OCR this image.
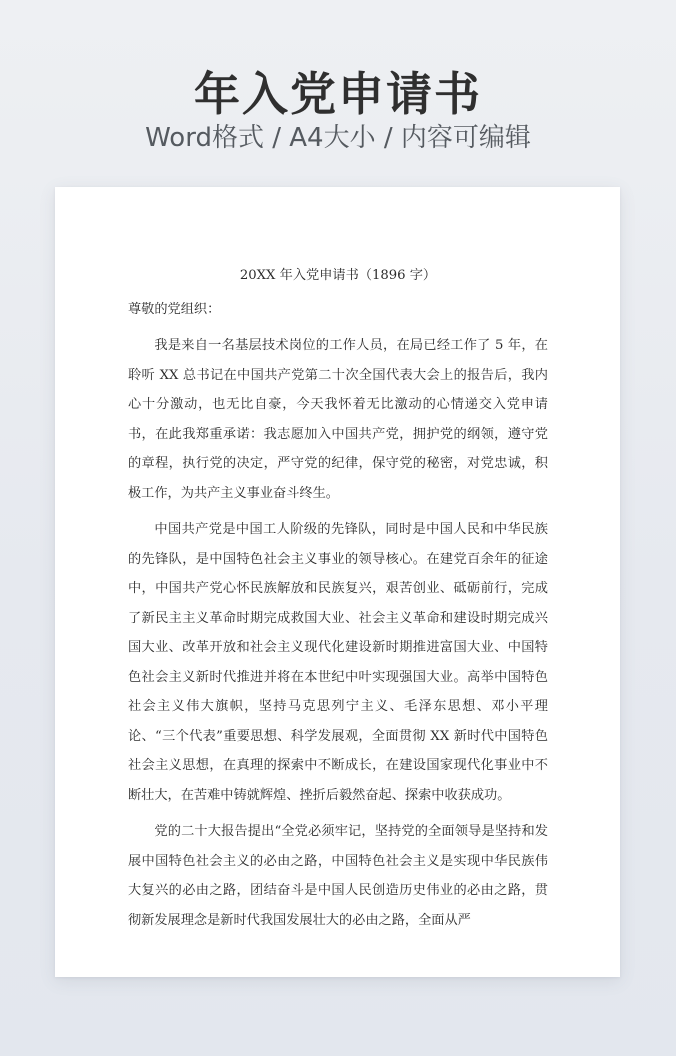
年入党申请书
Word格式 / A4大小 / 内容可编辑

20XX 年入党申请书（1896 字）

尊敬的党组织：

我是来自一名基层技术岗位的工作人员，在局已经工作了 5 年，在聆听 XX 总书记在中国共产党第二十次全国代表大会上的报告后，我内心十分激动，也无比自豪，今天我怀着无比激动的心情递交入党申请书，在此我郑重承诺：我志愿加入中国共产党，拥护党的纲领，遵守党的章程，执行党的决定，严守党的纪律，保守党的秘密，对党忠诚，积极工作，为共产主义事业奋斗终生。

中国共产党是中国工人阶级的先锋队，同时是中国人民和中华民族的先锋队，是中国特色社会主义事业的领导核心。在建党百余年的征途中，中国共产党心怀民族解放和民族复兴，艰苦创业、砥砺前行，完成了新民主主义革命时期完成救国大业、社会主义革命和建设时期完成兴国大业、改革开放和社会主义现代化建设新时期推进富国大业、中国特色社会主义新时代推进并将在本世纪中叶实现强国大业。高举中国特色社会主义伟大旗帜，坚持马克思列宁主义、毛泽东思想、邓小平理论、“三个代表”重要思想、科学发展观，全面贯彻 XX 新时代中国特色社会主义思想，在真理的探索中不断成长，在建设国家现代化事业中不断壮大，在苦难中铸就辉煌、挫折后毅然奋起、探索中收获成功。

党的二十大报告提出“全党必须牢记，坚持党的全面领导是坚持和发展中国特色社会主义的必由之路，中国特色社会主义是实现中华民族伟大复兴的必由之路，团结奋斗是中国人民创造历史伟业的必由之路，贯彻新发展理念是新时代我国发展壮大的必由之路，全面从严
